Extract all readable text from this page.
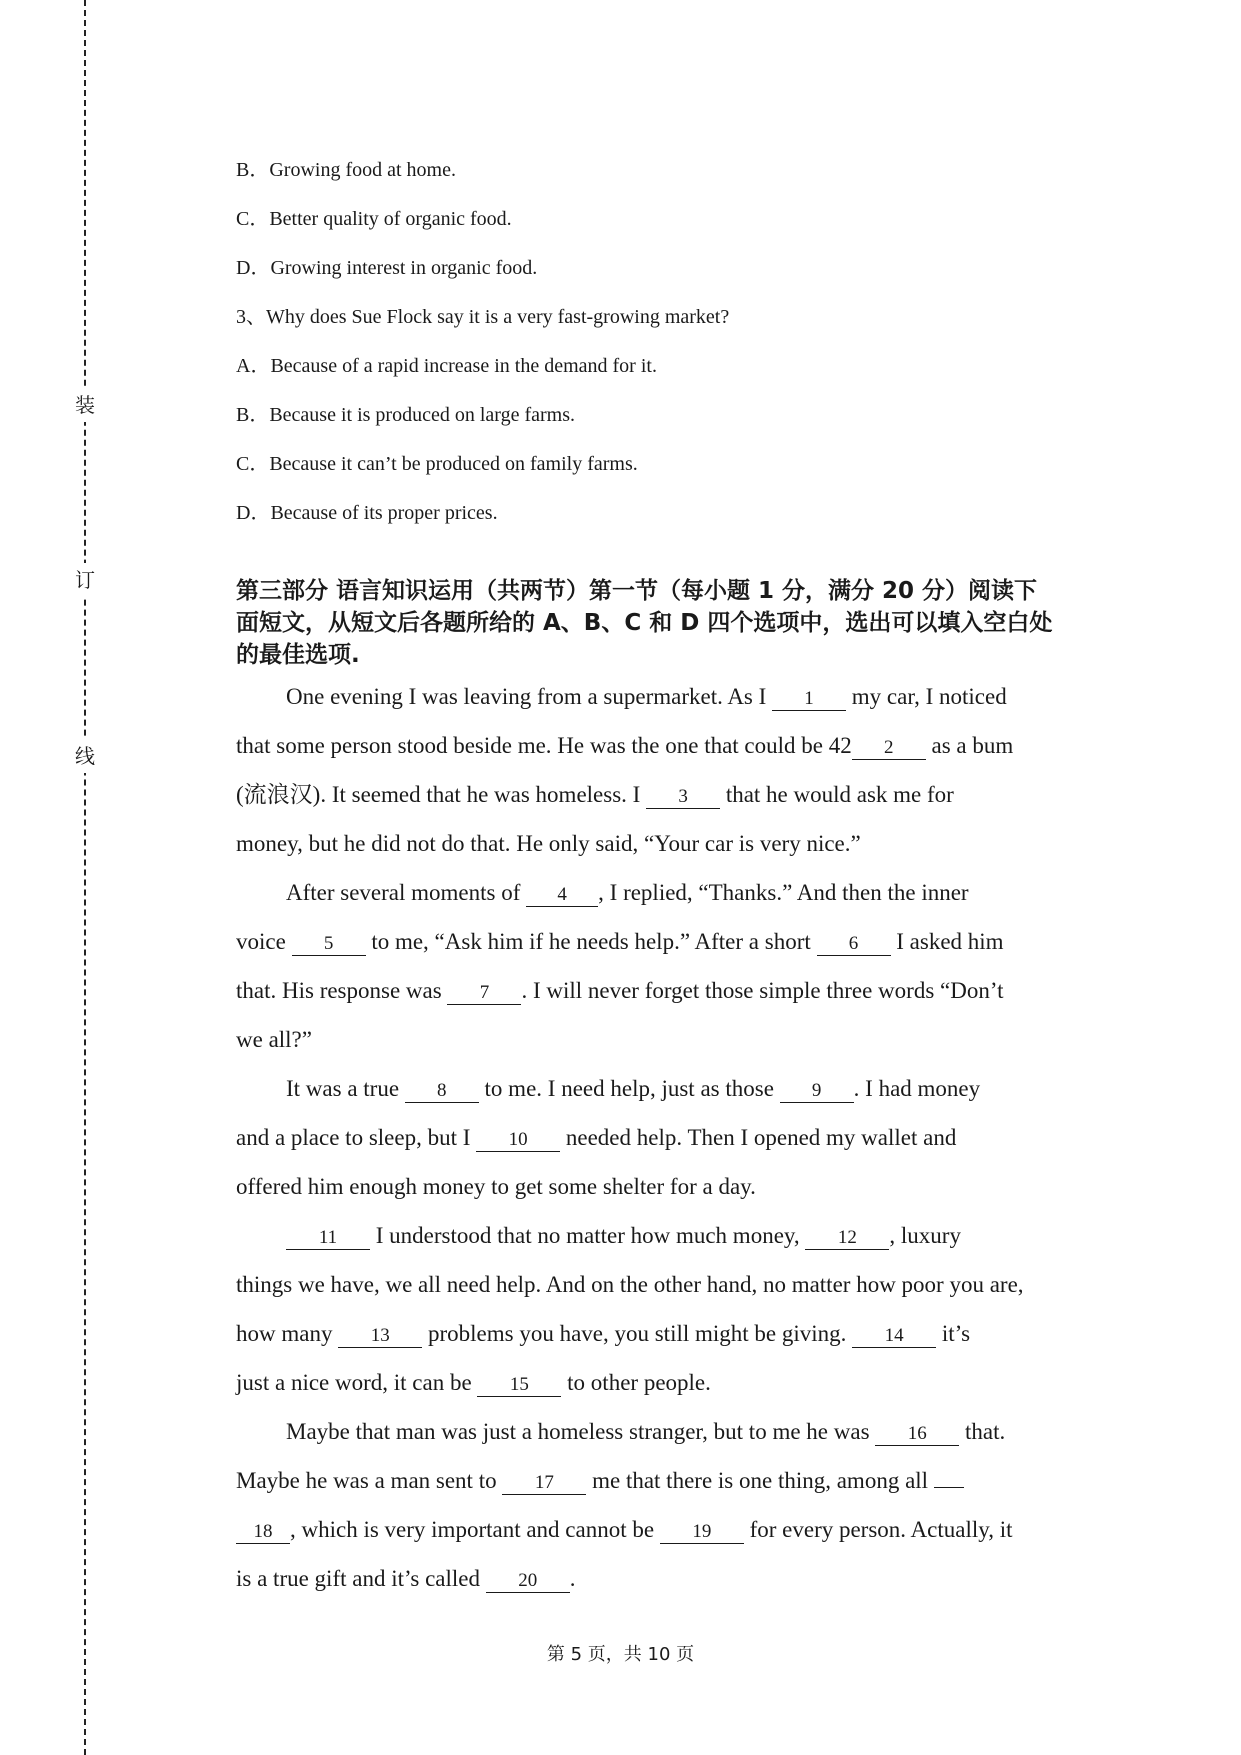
装
订
线
B．Growing food at home.
C．Better quality of organic food.
D．Growing interest in organic food.
3、Why does Sue Flock say it is a very fast-growing market?
A．Because of a rapid increase in the demand for it.
B．Because it is produced on large farms.
C．Because it can’t be produced on family farms.
D．Because of its proper prices.
第三部分 语言知识运用（共两节）第一节（每小题 1 分，满分 20 分）阅读下
面短文，从短文后各题所给的 A、B、C 和 D 四个选项中，选出可以填入空白处
的最佳选项.
One evening I was leaving from a supermarket. As I 1 my car, I noticed
that some person stood beside me. He was the one that could be 42 2 as a bum
(流浪汉). It seemed that he was homeless. I 3 that he would ask me for
money, but he did not do that. He only said, “Your car is very nice.”
After several moments of 4 , I replied, “Thanks.” And then the inner
voice 5 to me, “Ask him if he needs help.” After a short 6 I asked him
that. His response was 7 . I will never forget those simple three words “Don’t
we all?”
It was a true 8 to me. I need help, just as those 9 . I had money
and a place to sleep, but I 10 needed help. Then I opened my wallet and
offered him enough money to get some shelter for a day.
11 I understood that no matter how much money, 12 , luxury
things we have, we all need help. And on the other hand, no matter how poor you are,
how many 13 problems you have, you still might be giving. 14 it’s
just a nice word, it can be 15 to other people.
Maybe that man was just a homeless stranger, but to me he was 16 that.
Maybe he was a man sent to 17 me that there is one thing, among all
18 , which is very important and cannot be 19 for every person. Actually, it
is a true gift and it’s called 20 .
第 5 页，共 10 页
